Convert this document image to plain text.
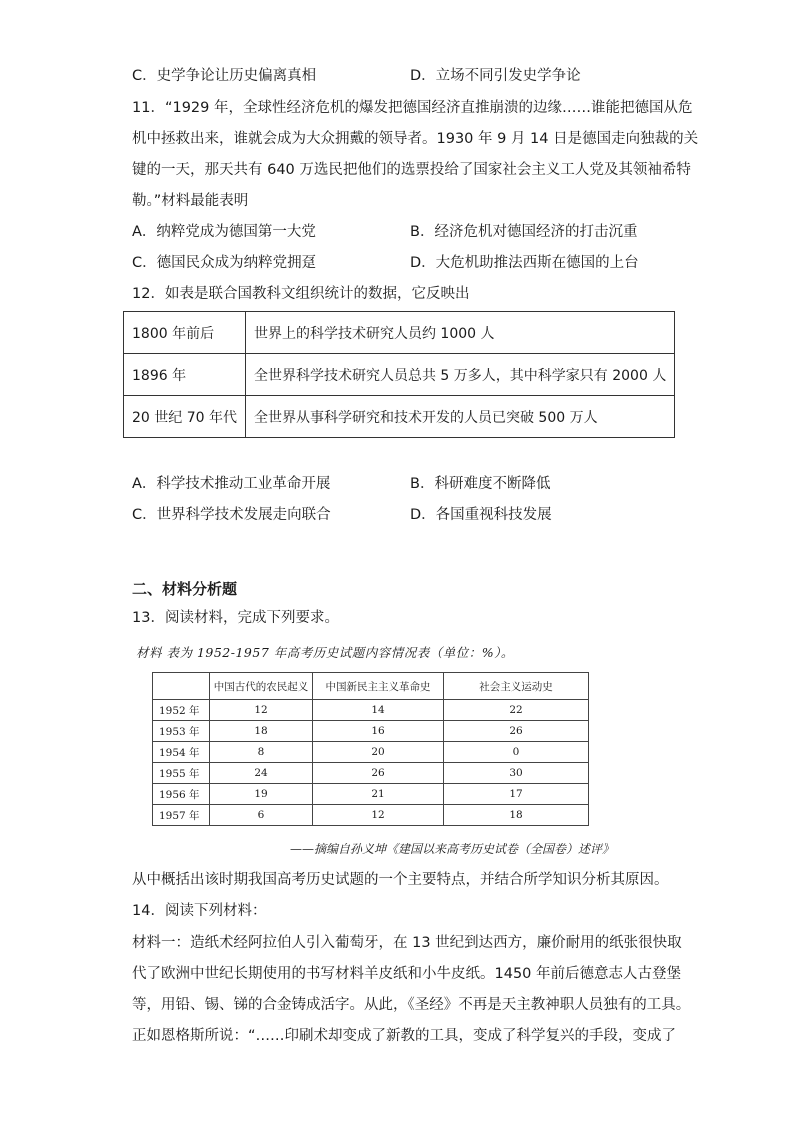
C．史学争论让历史偏离真相	D．立场不同引发史学争论
11．“1929 年，全球性经济危机的爆发把德国经济直推崩溃的边缘……谁能把德国从危
机中拯救出来，谁就会成为大众拥戴的领导者。1930 年 9 月 14 日是德国走向独裁的关
键的一天，那天共有 640 万选民把他们的选票投给了国家社会主义工人党及其领袖希特
勒。”材料最能表明
A．纳粹党成为德国第一大党	B．经济危机对德国经济的打击沉重
C．德国民众成为纳粹党拥趸	D．大危机助推法西斯在德国的上台
12．如表是联合国教科文组织统计的数据，它反映出
1800 年前后	世界上的科学技术研究人员约 1000 人
1896 年	全世界科学技术研究人员总共 5 万多人，其中科学家只有 2000 人
20 世纪 70 年代	全世界从事科学研究和技术开发的人员已突破 500 万人
A．科学技术推动工业革命开展	B．科研难度不断降低
C．世界科学技术发展走向联合	D．各国重视科技发展
二、材料分析题
13．阅读材料，完成下列要求。
材料 表为 1952-1957 年高考历史试题内容情况表（单位：%）。
	中国古代的农民起义	中国新民主主义革命史	社会主义运动史
1952 年	12	14	22
1953 年	18	16	26
1954 年	8	20	0
1955 年	24	26	30
1956 年	19	21	17
1957 年	6	12	18
——摘编自孙义坤《建国以来高考历史试卷（全国卷）述评》
从中概括出该时期我国高考历史试题的一个主要特点，并结合所学知识分析其原因。
14．阅读下列材料：
材料一：造纸术经阿拉伯人引入葡萄牙，在 13 世纪到达西方，廉价耐用的纸张很快取
代了欧洲中世纪长期使用的书写材料羊皮纸和小牛皮纸。1450 年前后德意志人古登堡
等，用铅、锡、锑的合金铸成活字。从此，《圣经》不再是天主教神职人员独有的工具。
正如恩格斯所说：“……印刷术却变成了新教的工具，变成了科学复兴的手段，变成了
